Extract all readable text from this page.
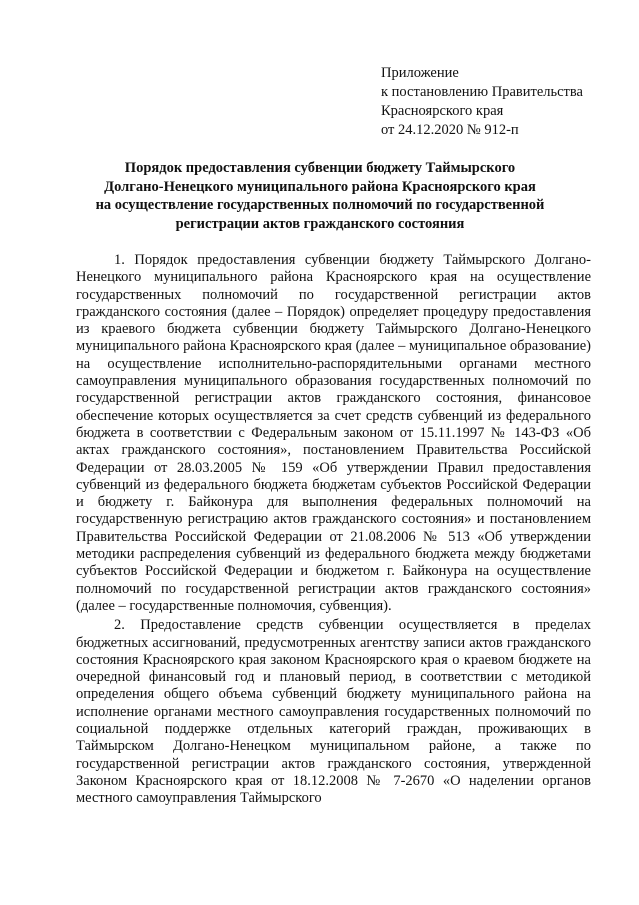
Приложение
к постановлению Правительства
Красноярского края
от 24.12.2020 № 912-п
Порядок предоставления субвенции бюджету Таймырского
Долгано-Ненецкого муниципального района Красноярского края
на осуществление государственных полномочий по государственной
регистрации актов гражданского состояния

1. Порядок предоставления субвенции бюджету Таймырского Долгано-Ненецкого муниципального района Красноярского края на осуществление государственных полномочий по государственной регистрации актов гражданского состояния (далее – Порядок) определяет процедуру предоставления из краевого бюджета субвенции бюджету Таймырского Долгано-Ненецкого муниципального района Красноярского края (далее – муниципальное образование) на осуществление исполнительно-распорядительными органами местного самоуправления муниципального образования государственных полномочий по государственной регистрации актов гражданского состояния, финансовое обеспечение которых осуществляется за счет средств субвенций из федерального бюджета в соответствии с Федеральным законом от 15.11.1997 № 143-ФЗ «Об актах гражданского состояния», постановлением Правительства Российской Федерации от 28.03.2005 № 159 «Об утверждении Правил предоставления субвенций из федерального бюджета бюджетам субъектов Российской Федерации и бюджету г. Байконура для выполнения федеральных полномочий на государственную регистрацию актов гражданского состояния» и постановлением Правительства Российской Федерации от 21.08.2006 № 513 «Об утверждении методики распределения субвенций из федерального бюджета между бюджетами субъектов Российской Федерации и бюджетом г. Байконура на осуществление полномочий по государственной регистрации актов гражданского состояния» (далее – государственные полномочия, субвенция).

2. Предоставление средств субвенции осуществляется в пределах бюджетных ассигнований, предусмотренных агентству записи актов гражданского состояния Красноярского края законом Красноярского края о краевом бюджете на очередной финансовый год и плановый период, в соответствии с методикой определения общего объема субвенций бюджету муниципального района на исполнение органами местного самоуправления государственных полномочий по социальной поддержке отдельных категорий граждан, проживающих в Таймырском Долгано-Ненецком муниципальном районе, а также по государственной регистрации актов гражданского состояния, утвержденной Законом Красноярского края от 18.12.2008 № 7-2670 «О наделении органов местного самоуправления Таймырского
